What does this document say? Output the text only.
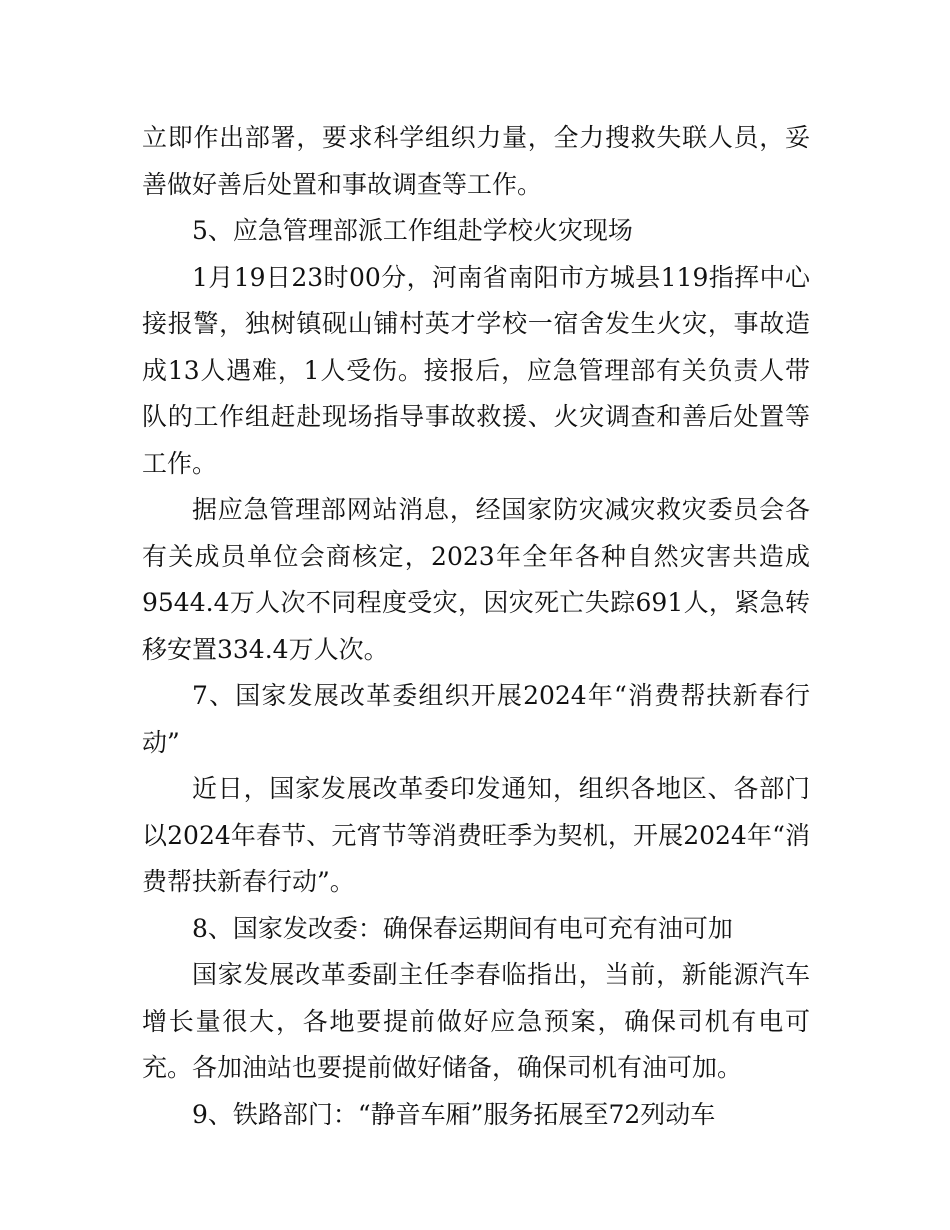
立即作出部署，要求科学组织力量，全力搜救失联人员，妥善做好善后处置和事故调查等工作。

5、应急管理部派工作组赴学校火灾现场

1月19日23时00分，河南省南阳市方城县119指挥中心接报警，独树镇砚山铺村英才学校一宿舍发生火灾，事故造成13人遇难，1人受伤。接报后，应急管理部有关负责人带队的工作组赶赴现场指导事故救援、火灾调查和善后处置等工作。

据应急管理部网站消息，经国家防灾减灾救灾委员会各有关成员单位会商核定，2023年全年各种自然灾害共造成9544.4万人次不同程度受灾，因灾死亡失踪691人，紧急转移安置334.4万人次。

7、国家发展改革委组织开展2024年“消费帮扶新春行动”

近日，国家发展改革委印发通知，组织各地区、各部门以2024年春节、元宵节等消费旺季为契机，开展2024年“消费帮扶新春行动”。

8、国家发改委：确保春运期间有电可充有油可加

国家发展改革委副主任李春临指出，当前，新能源汽车增长量很大，各地要提前做好应急预案，确保司机有电可充。各加油站也要提前做好储备，确保司机有油可加。

9、铁路部门：“静音车厢”服务拓展至72列动车
